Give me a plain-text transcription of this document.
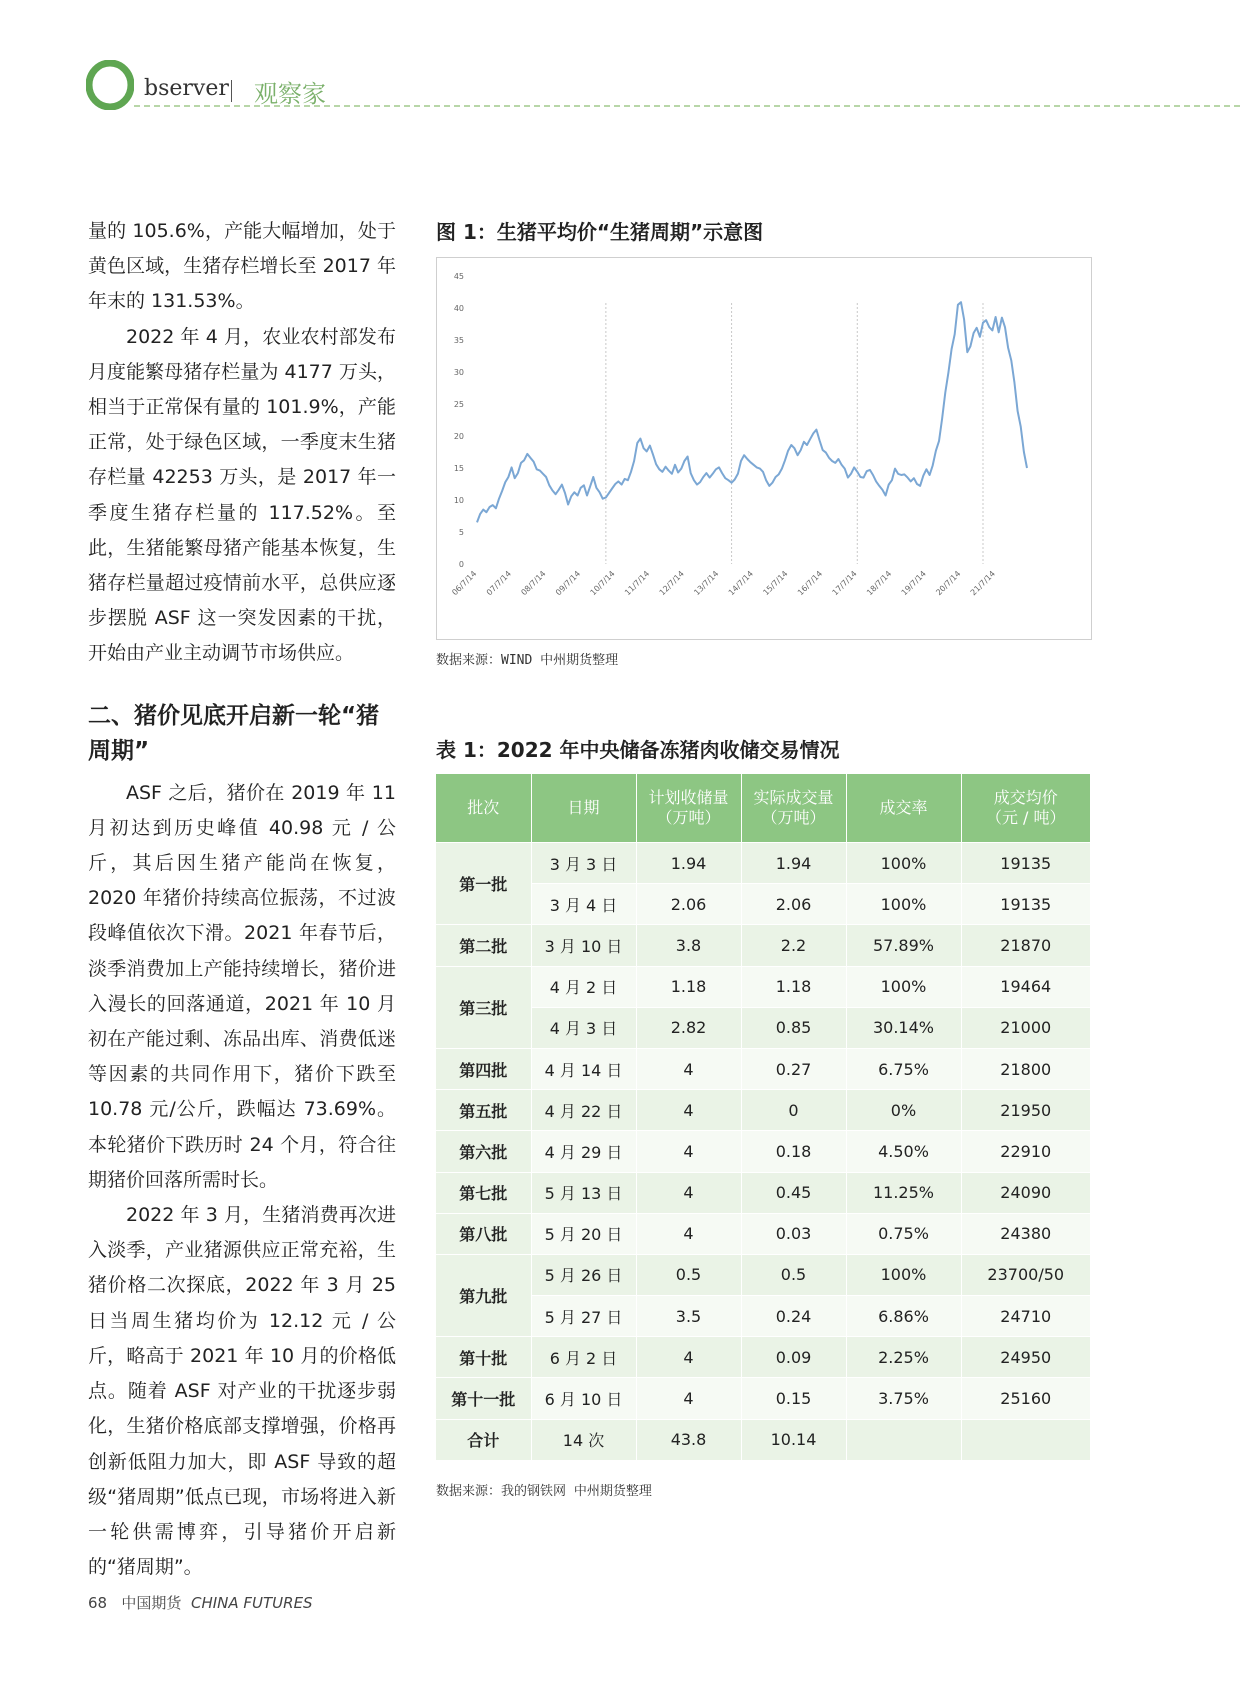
bserver 观察家

量的 105.6%，产能大幅增加，处于黄色区域，生猪存栏增长至 2017 年年末的 131.53%。

2022 年 4 月，农业农村部发布月度能繁母猪存栏量为 4177 万头，相当于正常保有量的 101.9%，产能正常，处于绿色区域，一季度末生猪存栏量 42253 万头，是 2017 年一季度生猪存栏量的 117.52%。至此，生猪能繁母猪产能基本恢复，生猪存栏量超过疫情前水平，总供应逐步摆脱 ASF 这一突发因素的干扰，开始由产业主动调节市场供应。

二、猪价见底开启新一轮“猪周期”

ASF 之后，猪价在 2019 年 11 月初达到历史峰值 40.98 元 / 公斤，其后因生猪产能尚在恢复，2020 年猪价持续高位振荡，不过波段峰值依次下滑。2021 年春节后，淡季消费加上产能持续增长，猪价进入漫长的回落通道，2021 年 10 月初在产能过剩、冻品出库、消费低迷等因素的共同作用下，猪价下跌至 10.78 元/公斤，跌幅达 73.69%。本轮猪价下跌历时 24 个月，符合往期猪价回落所需时长。

2022 年 3 月，生猪消费再次进入淡季，产业猪源供应正常充裕，生猪价格二次探底，2022 年 3 月 25 日当周生猪均价为 12.12 元 / 公斤，略高于 2021 年 10 月的价格低点。随着 ASF 对产业的干扰逐步弱化，生猪价格底部支撑增强，价格再创新低阻力加大，即 ASF 导致的超级“猪周期”低点已现，市场将进入新一轮供需博弈，引导猪价开启新的“猪周期”。

图 1：生猪平均价“生猪周期”示意图
0
5
10
15
20
25
30
35
40
45
06/7/14 07/7/14 08/7/14 09/7/14 10/7/14 11/7/14 12/7/14 13/7/14 14/7/14 15/7/14 16/7/14 17/7/14 18/7/14 19/7/14 20/7/14 21/7/14
数据来源：WIND 中州期货整理
表 1：2022 年中央储备冻猪肉收储交易情况
批次	日期	计划收储量
（万吨）	实际成交量
（万吨）	成交率	成交均价
（元 / 吨）
第一批	3 月 3 日	1.94	1.94	100%	19135
	3 月 4 日	2.06	2.06	100%	19135
第二批	3 月 10 日	3.8	2.2	57.89%	21870
第三批	4 月 2 日	1.18	1.18	100%	19464
	4 月 3 日	2.82	0.85	30.14%	21000
第四批	4 月 14 日	4	0.27	6.75%	21800
第五批	4 月 22 日	4	0	0%	21950
第六批	4 月 29 日	4	0.18	4.50%	22910
第七批	5 月 13 日	4	0.45	11.25%	24090
第八批	5 月 20 日	4	0.03	0.75%	24380
第九批	5 月 26 日	0.5	0.5	100%	23700/50
	5 月 27 日	3.5	0.24	6.86%	24710
第十批	6 月 2 日	4	0.09	2.25%	24950
第十一批	6 月 10 日	4	0.15	3.75%	25160
合计	14 次	43.8	10.14		
数据来源：我的钢铁网 中州期货整理
68 中国期货 CHINA FUTURES
